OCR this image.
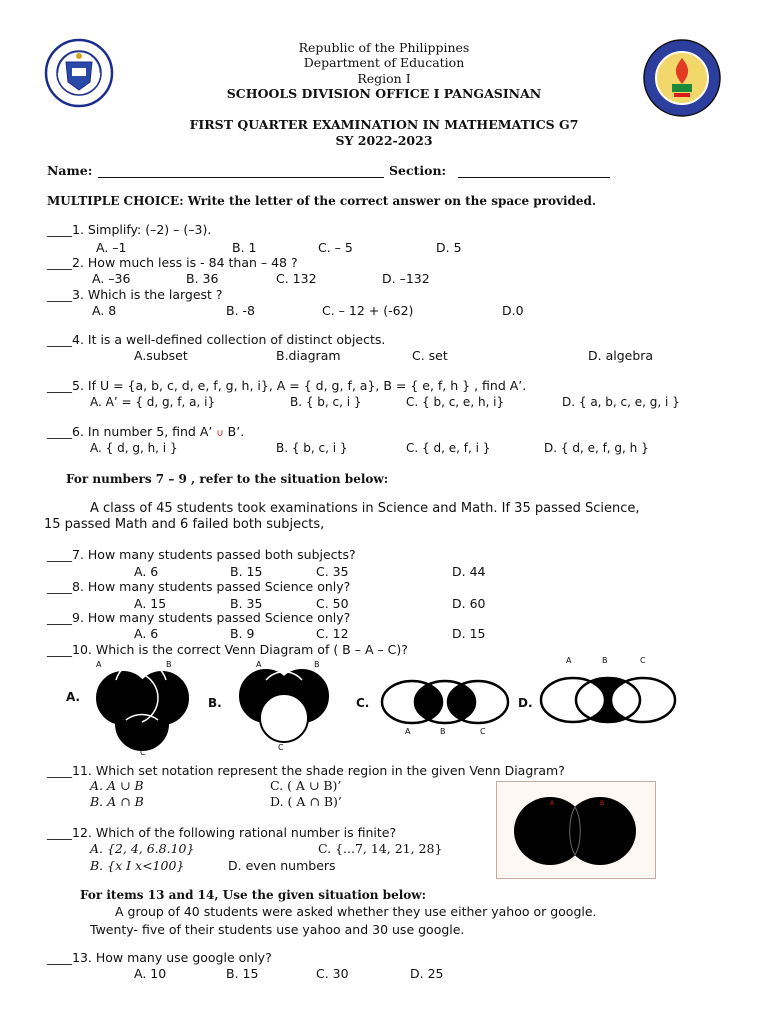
Republic of the Philippines
Department of Education
Region I
SCHOOLS DIVISION OFFICE I PANGASINAN
FIRST QUARTER EXAMINATION IN MATHEMATICS G7
SY 2022-2023
Name:	Section:
MULTIPLE CHOICE: Write the letter of the correct answer on the space provided.
____1. Simplify: (–2) – (–3).
A. –1	B. 1	C. – 5	D. 5
____2. How much less is - 84 than – 48 ?
A. –36	B. 36	C. 132	D. –132
____3. Which is the largest ?
A. 8	B. -8	C. – 12 + (-62)	D.0
____4. It is a well-defined collection of distinct objects.
A.subset	B.diagram	C. set	D. algebra
____5. If U = {a, b, c, d, e, f, g, h, i}, A = { d, g, f, a}, B = { e, f, h } , find A’.
A. A’ = { d, g, f, a, i}	B. { b, c, i }	C. { b, c, e, h, i}	D. { a, b, c, e, g, i }
____6. In number 5, find A’ ∪ B’.
A. { d, g, h, i }	B. { b, c, i }	C. { d, e, f, i }	D. { d, e, f, g, h }
For numbers 7 – 9 , refer to the situation below:
A class of 45 students took examinations in Science and Math. If 35 passed Science,
15 passed Math and 6 failed both subjects,
____7. How many students passed both subjects?
A. 6	B. 15	C. 35	D. 44
____8. How many students passed Science only?
A. 15	B. 35	C. 50	D. 60
____9. How many students passed Science only?
A. 6	B. 9	C. 12	D. 15
____10. Which is the correct Venn Diagram of ( B – A – C)?
A.	B.	C.	D.
A	B
C
A	B
C
A	B	C
A	B	C
____11. Which set notation represent the shade region in the given Venn Diagram?
A. A ∪ B
B. A ∩ B
C. ( A ∪ B)’
D. ( A ∩ B)’	A	B
____12. Which of the following rational number is finite?
A. {2, 4, 6.8.10}	C. {...7, 14, 21, 28}
B. {x I x<100}	D. even numbers
For items 13 and 14, Use the given situation below:
A group of 40 students were asked whether they use either yahoo or google.
Twenty- five of their students use yahoo and 30 use google.
____13. How many use google only?
A. 10	B. 15	C. 30	D. 25
